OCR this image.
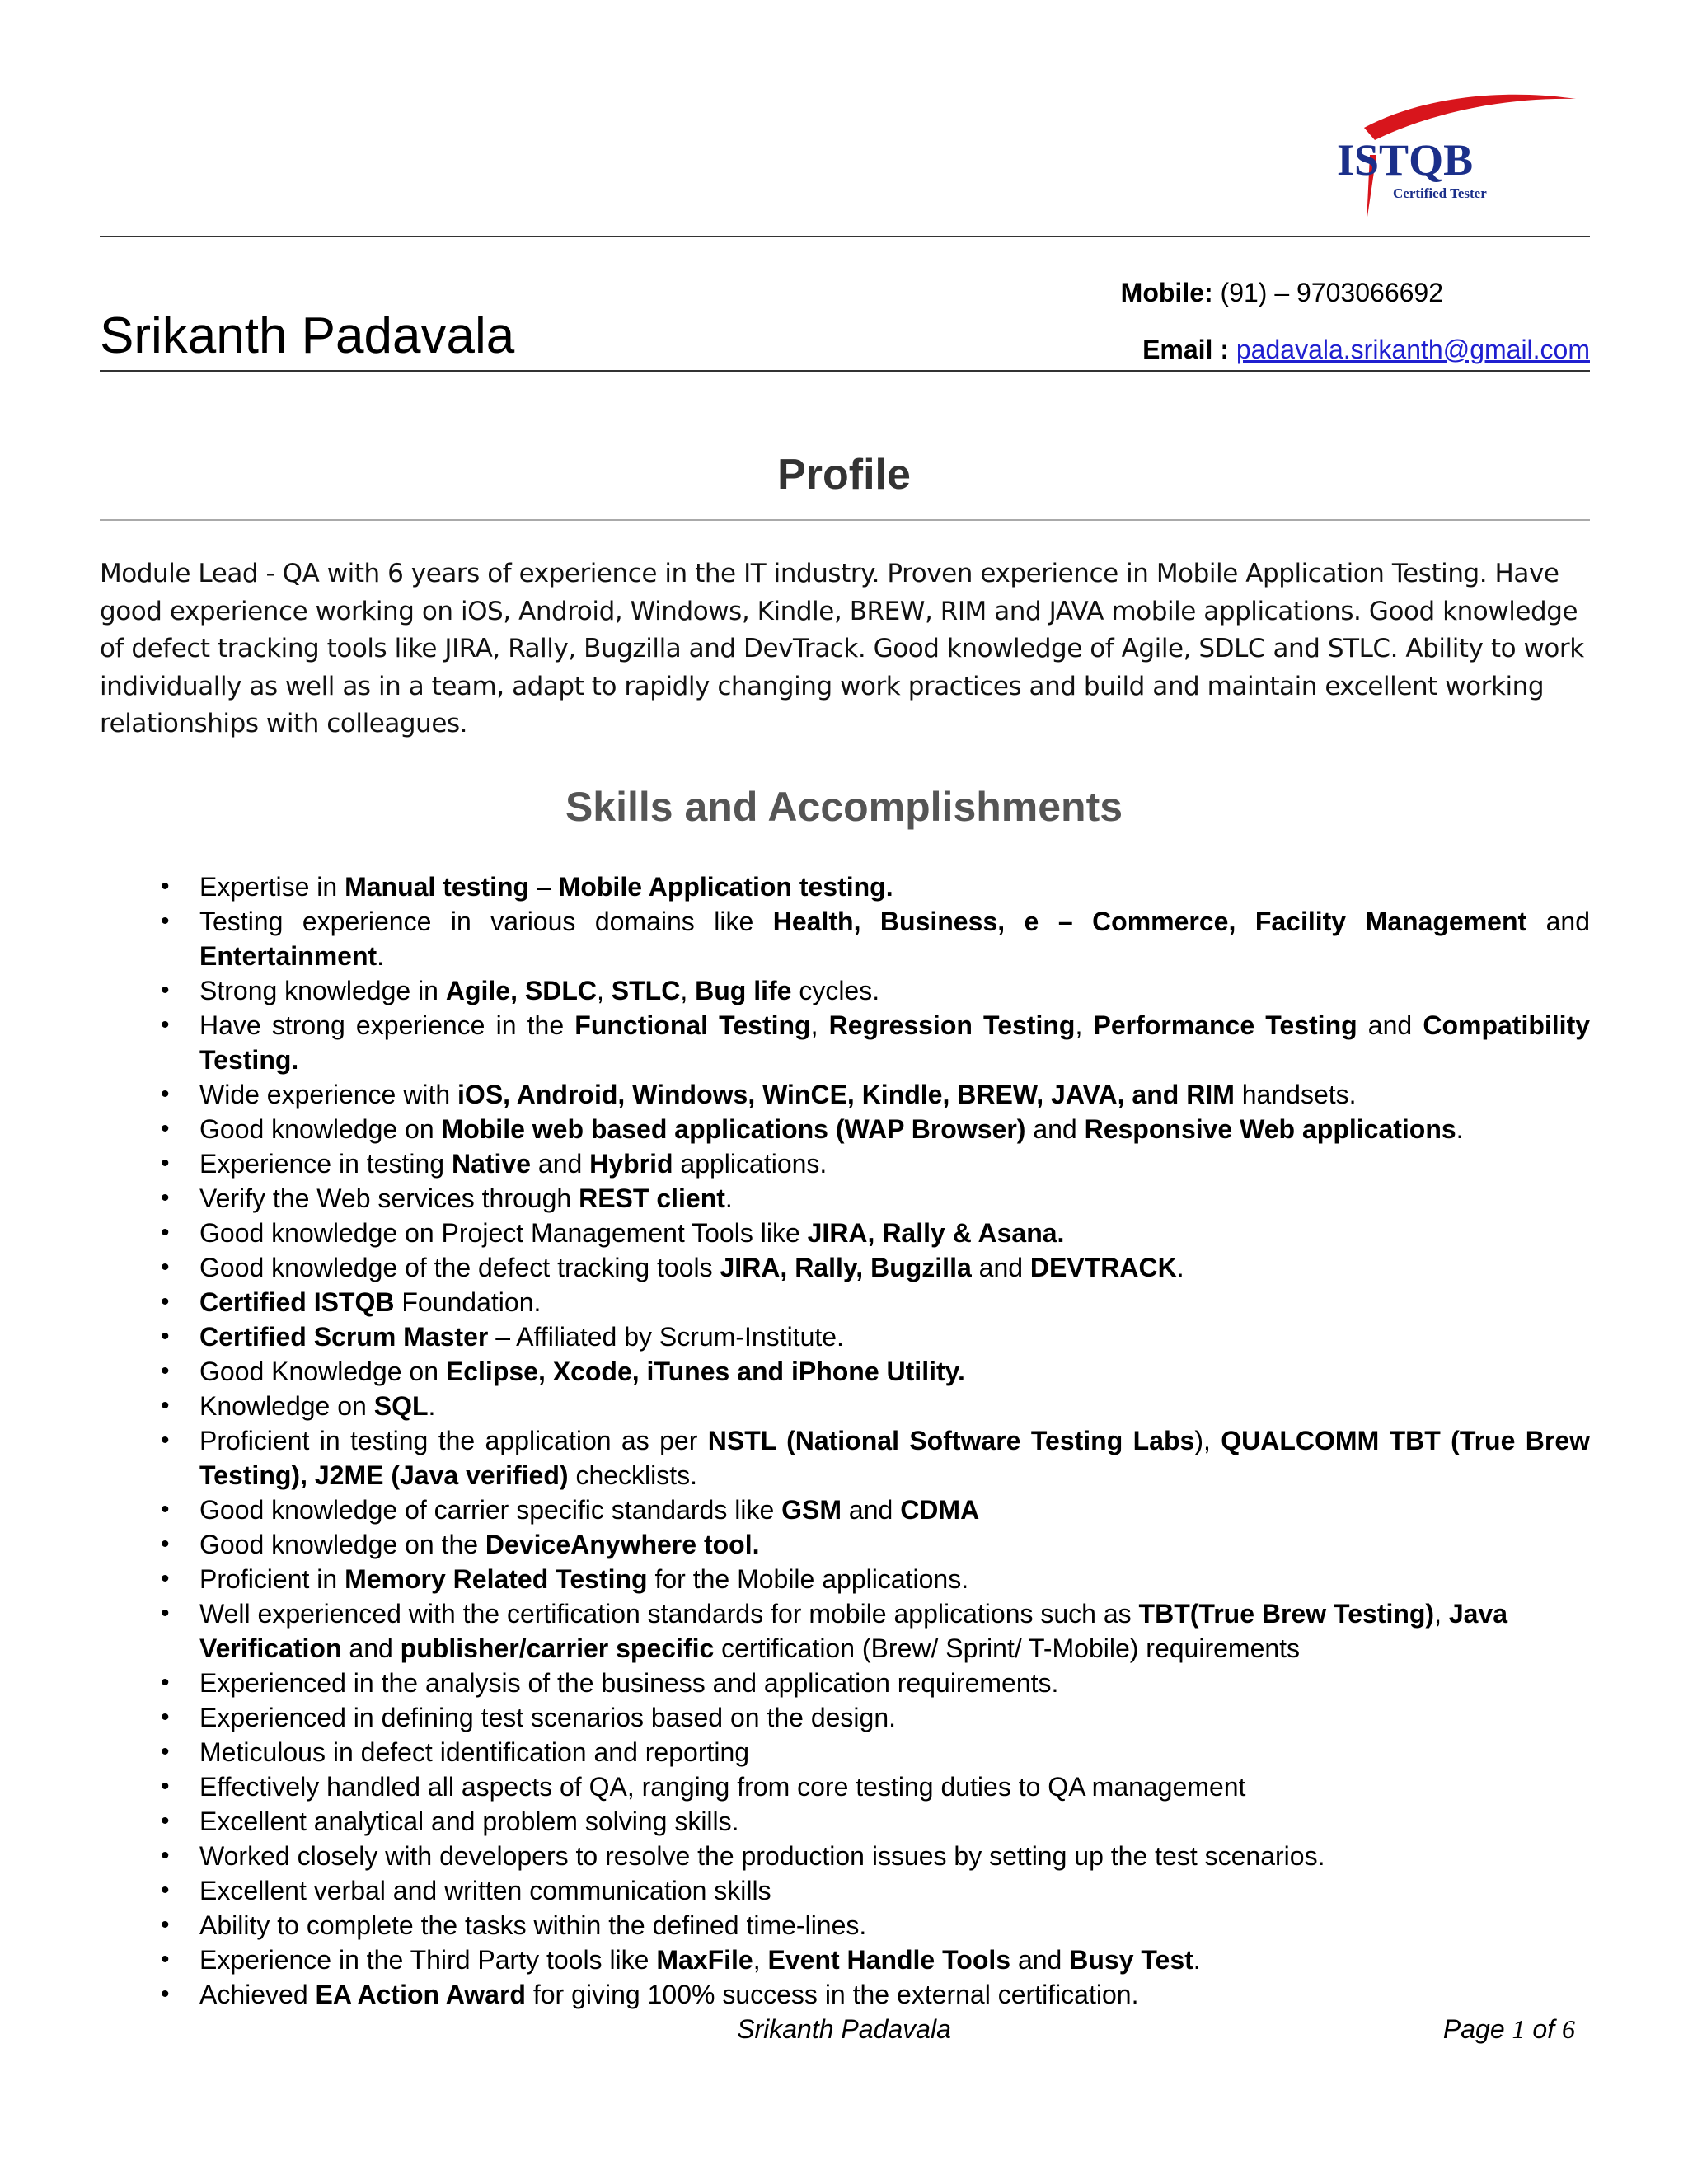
ISTQB
Certified Tester
Mobile: (91) – 9703066692
Srikanth Padavala	Email : padavala.srikanth@gmail.com
Profile
Module Lead - QA with 6 years of experience in the IT industry. Proven experience in Mobile Application Testing. Have good experience working on iOS, Android, Windows, Kindle, BREW, RIM and JAVA mobile applications. Good knowledge of defect tracking tools like JIRA, Rally, Bugzilla and DevTrack. Good knowledge of Agile, SDLC and STLC. Ability to work individually as well as in a team, adapt to rapidly changing work practices and build and maintain excellent working relationships with colleagues.
Skills and Accomplishments
• Expertise in Manual testing – Mobile Application testing.
• Testing experience in various domains like Health, Business, e – Commerce, Facility Management and Entertainment.
• Strong knowledge in Agile, SDLC, STLC, Bug life cycles.
• Have strong experience in the Functional Testing, Regression Testing, Performance Testing and Compatibility Testing.
• Wide experience with iOS, Android, Windows, WinCE, Kindle, BREW, JAVA, and RIM handsets.
• Good knowledge on Mobile web based applications (WAP Browser) and Responsive Web applications.
• Experience in testing Native and Hybrid applications.
• Verify the Web services through REST client.
• Good knowledge on Project Management Tools like JIRA, Rally & Asana.
• Good knowledge of the defect tracking tools JIRA, Rally, Bugzilla and DEVTRACK.
• Certified ISTQB Foundation.
• Certified Scrum Master – Affiliated by Scrum-Institute.
• Good Knowledge on Eclipse, Xcode, iTunes and iPhone Utility.
• Knowledge on SQL.
• Proficient in testing the application as per NSTL (National Software Testing Labs), QUALCOMM TBT (True Brew Testing), J2ME (Java verified) checklists.
• Good knowledge of carrier specific standards like GSM and CDMA
• Good knowledge on the DeviceAnywhere tool.
• Proficient in Memory Related Testing for the Mobile applications.
• Well experienced with the certification standards for mobile applications such as TBT(True Brew Testing), Java Verification and publisher/carrier specific certification (Brew/ Sprint/ T-Mobile) requirements
• Experienced in the analysis of the business and application requirements.
• Experienced in defining test scenarios based on the design.
• Meticulous in defect identification and reporting
• Effectively handled all aspects of QA, ranging from core testing duties to QA management
• Excellent analytical and problem solving skills.
• Worked closely with developers to resolve the production issues by setting up the test scenarios.
• Excellent verbal and written communication skills
• Ability to complete the tasks within the defined time-lines.
• Experience in the Third Party tools like MaxFile, Event Handle Tools and Busy Test.
• Achieved EA Action Award for giving 100% success in the external certification.
Srikanth Padavala	Page 1 of 6
